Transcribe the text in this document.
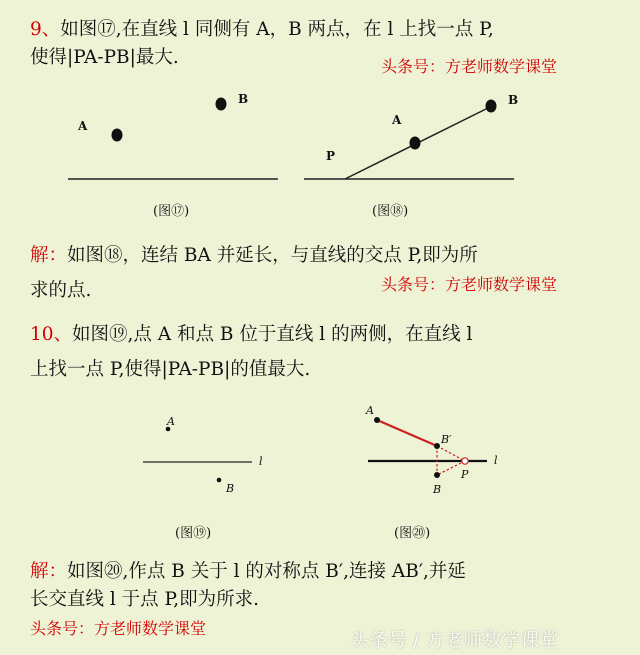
9、如图⑰,在直线 l 同侧有 A，B 两点，在 l 上找一点 P,
使得|PA-PB|最大.	头条号：方老师数学课堂
A
B
(图⑰)
A
B
P
(图⑱)
解：如图⑱，连结 BA 并延长，与直线的交点 P,即为所
求的点.	头条号：方老师数学课堂
10、如图⑲,点 A 和点 B 位于直线 l 的两侧，在直线 l
上找一点 P,使得|PA-PB|的值最大.
A
B
l
(图⑲)
A
B′
B
P
l
(图⑳)
解：如图⑳,作点 B 关于 l 的对称点 B′,连接 AB′,并延
长交直线 l 于点 P,即为所求.
头条号：方老师数学课堂
头条号 / 方老师数学课堂
